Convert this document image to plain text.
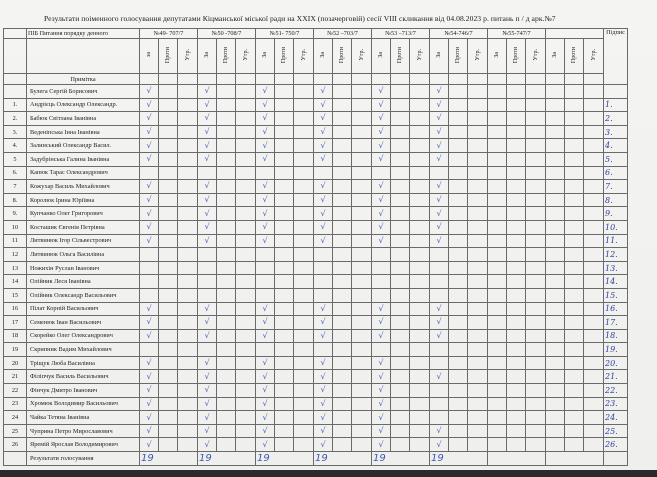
Результати поіменного голосування депутатами Кіцманської міської ради на XXIX (позачерговій) сесії VIII скликання від 04.08.2023 р. питань п / д арк.№7
	ПІБ Питання порядку денного	№49- 707/7			№50 -708/7			№51- 750/7			№52 –703/7			№53 –713/7			№54-746/7			№55-747/7						Підпис
		за	Проти	Утр.	За	Проти	Утр.	За	Проти	Утр.	За	Проти	Утр.	За	Проти	Утр.	За	Проти	Утр.	За	Проти	Утр.	За	Проти	Утр.	
	Примітка																									
	Булега Сергій Борисович	√			√			√			√			√			√									
1.	Андрієць Олександр Олександр.	√			√			√			√			√			√									1.
2.	Бабюк Світлана Іванівна	√			√			√			√			√			√									2.
3.	Веденіпська Інна Іванівна	√			√			√			√			√			√									3.
4.	Залинський Олександр Васил.	√			√			√			√			√			√									4.
5	Задубрінська Галина Іванівна	√			√			√			√			√			√									5.
6.	Капюк Тарас Олександрович																									6.
7	Кожухар Василь Михайлович	√			√			√			√			√			√									7.
8.	Королюк Ірина Юріївна	√			√			√			√			√			√									8.
9.	Купчанко Олег Григорович	√			√			√			√			√			√									9.
10	Косташик Євгенія Петрівна	√			√			√			√			√			√									10.
11	Литвинюк Ігор Сільвестрович	√			√			√			√			√			√									11.
12	Литвинюк Ольга Василівна																									12.
13	Ножихін Руслан Іванович																									13.
14	Олійник Леся Іванівна																									14.
15	Олійник Олександр Васильович																									15.
16	Пілат Корній Васильович	√			√			√			√			√			√									16.
17	Семенюк Іван Васильович	√			√			√			√			√			√									17.
18	Скорейко Олег Олександрович	√			√			√			√			√			√									18.
19	Скрипник Вадим Михайлович																									19.
20	Тріщук Люба Василівна	√			√			√			√			√												20.
21	Філіпчук Василь Васильович	√			√			√			√			√			√									21.
22	Фінчук Дмитро Іванович	√			√			√			√			√												22.
23	Хромюк Володимир Васильович	√			√			√			√			√												23.
24	Чайка Тетяна Іванівна	√			√			√			√			√												24.
25	Чуприна Петро Мирославович	√			√			√			√			√			√									25.
26	Яремій Ярослав Володимирович	√			√			√			√			√			√									26.
	Результати голосування	19			19			19			19			19			19									
